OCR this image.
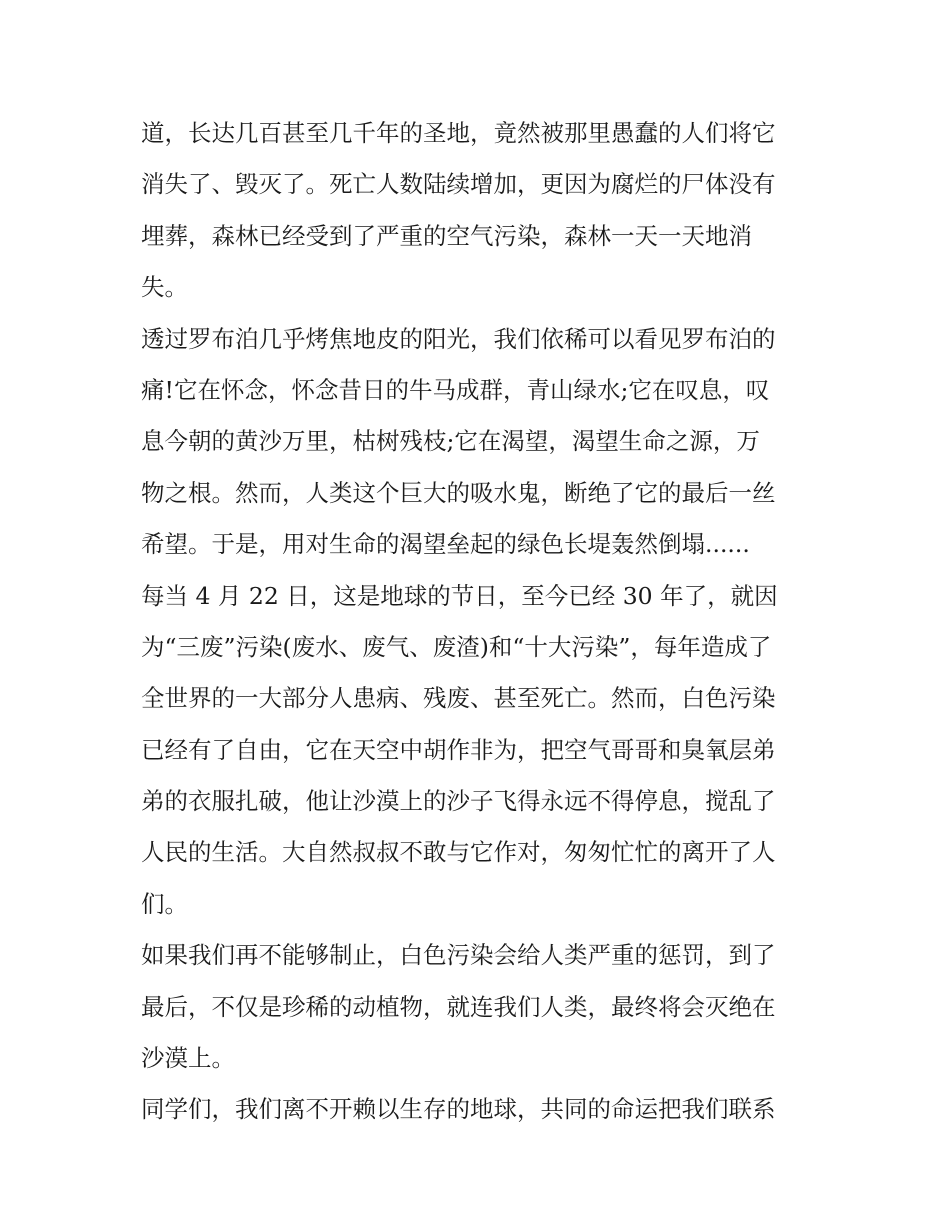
道，长达几百甚至几千年的圣地，竟然被那里愚蠢的人们将它
消失了、毁灭了。死亡人数陆续增加，更因为腐烂的尸体没有
埋葬，森林已经受到了严重的空气污染，森林一天一天地消
失。
透过罗布泊几乎烤焦地皮的阳光，我们依稀可以看见罗布泊的
痛!它在怀念，怀念昔日的牛马成群，青山绿水;它在叹息，叹
息今朝的黄沙万里，枯树残枝;它在渴望，渴望生命之源，万
物之根。然而，人类这个巨大的吸水鬼，断绝了它的最后一丝
希望。于是，用对生命的渴望垒起的绿色长堤轰然倒塌......
每当 4 月 22 日，这是地球的节日，至今已经 30 年了，就因
为“三废”污染(废水、废气、废渣)和“十大污染”，每年造成了
全世界的一大部分人患病、残废、甚至死亡。然而，白色污染
已经有了自由，它在天空中胡作非为，把空气哥哥和臭氧层弟
弟的衣服扎破，他让沙漠上的沙子飞得永远不得停息，搅乱了
人民的生活。大自然叔叔不敢与它作对，匆匆忙忙的离开了人
们。
如果我们再不能够制止，白色污染会给人类严重的惩罚，到了
最后，不仅是珍稀的动植物，就连我们人类，最终将会灭绝在
沙漠上。
同学们，我们离不开赖以生存的地球，共同的命运把我们联系
